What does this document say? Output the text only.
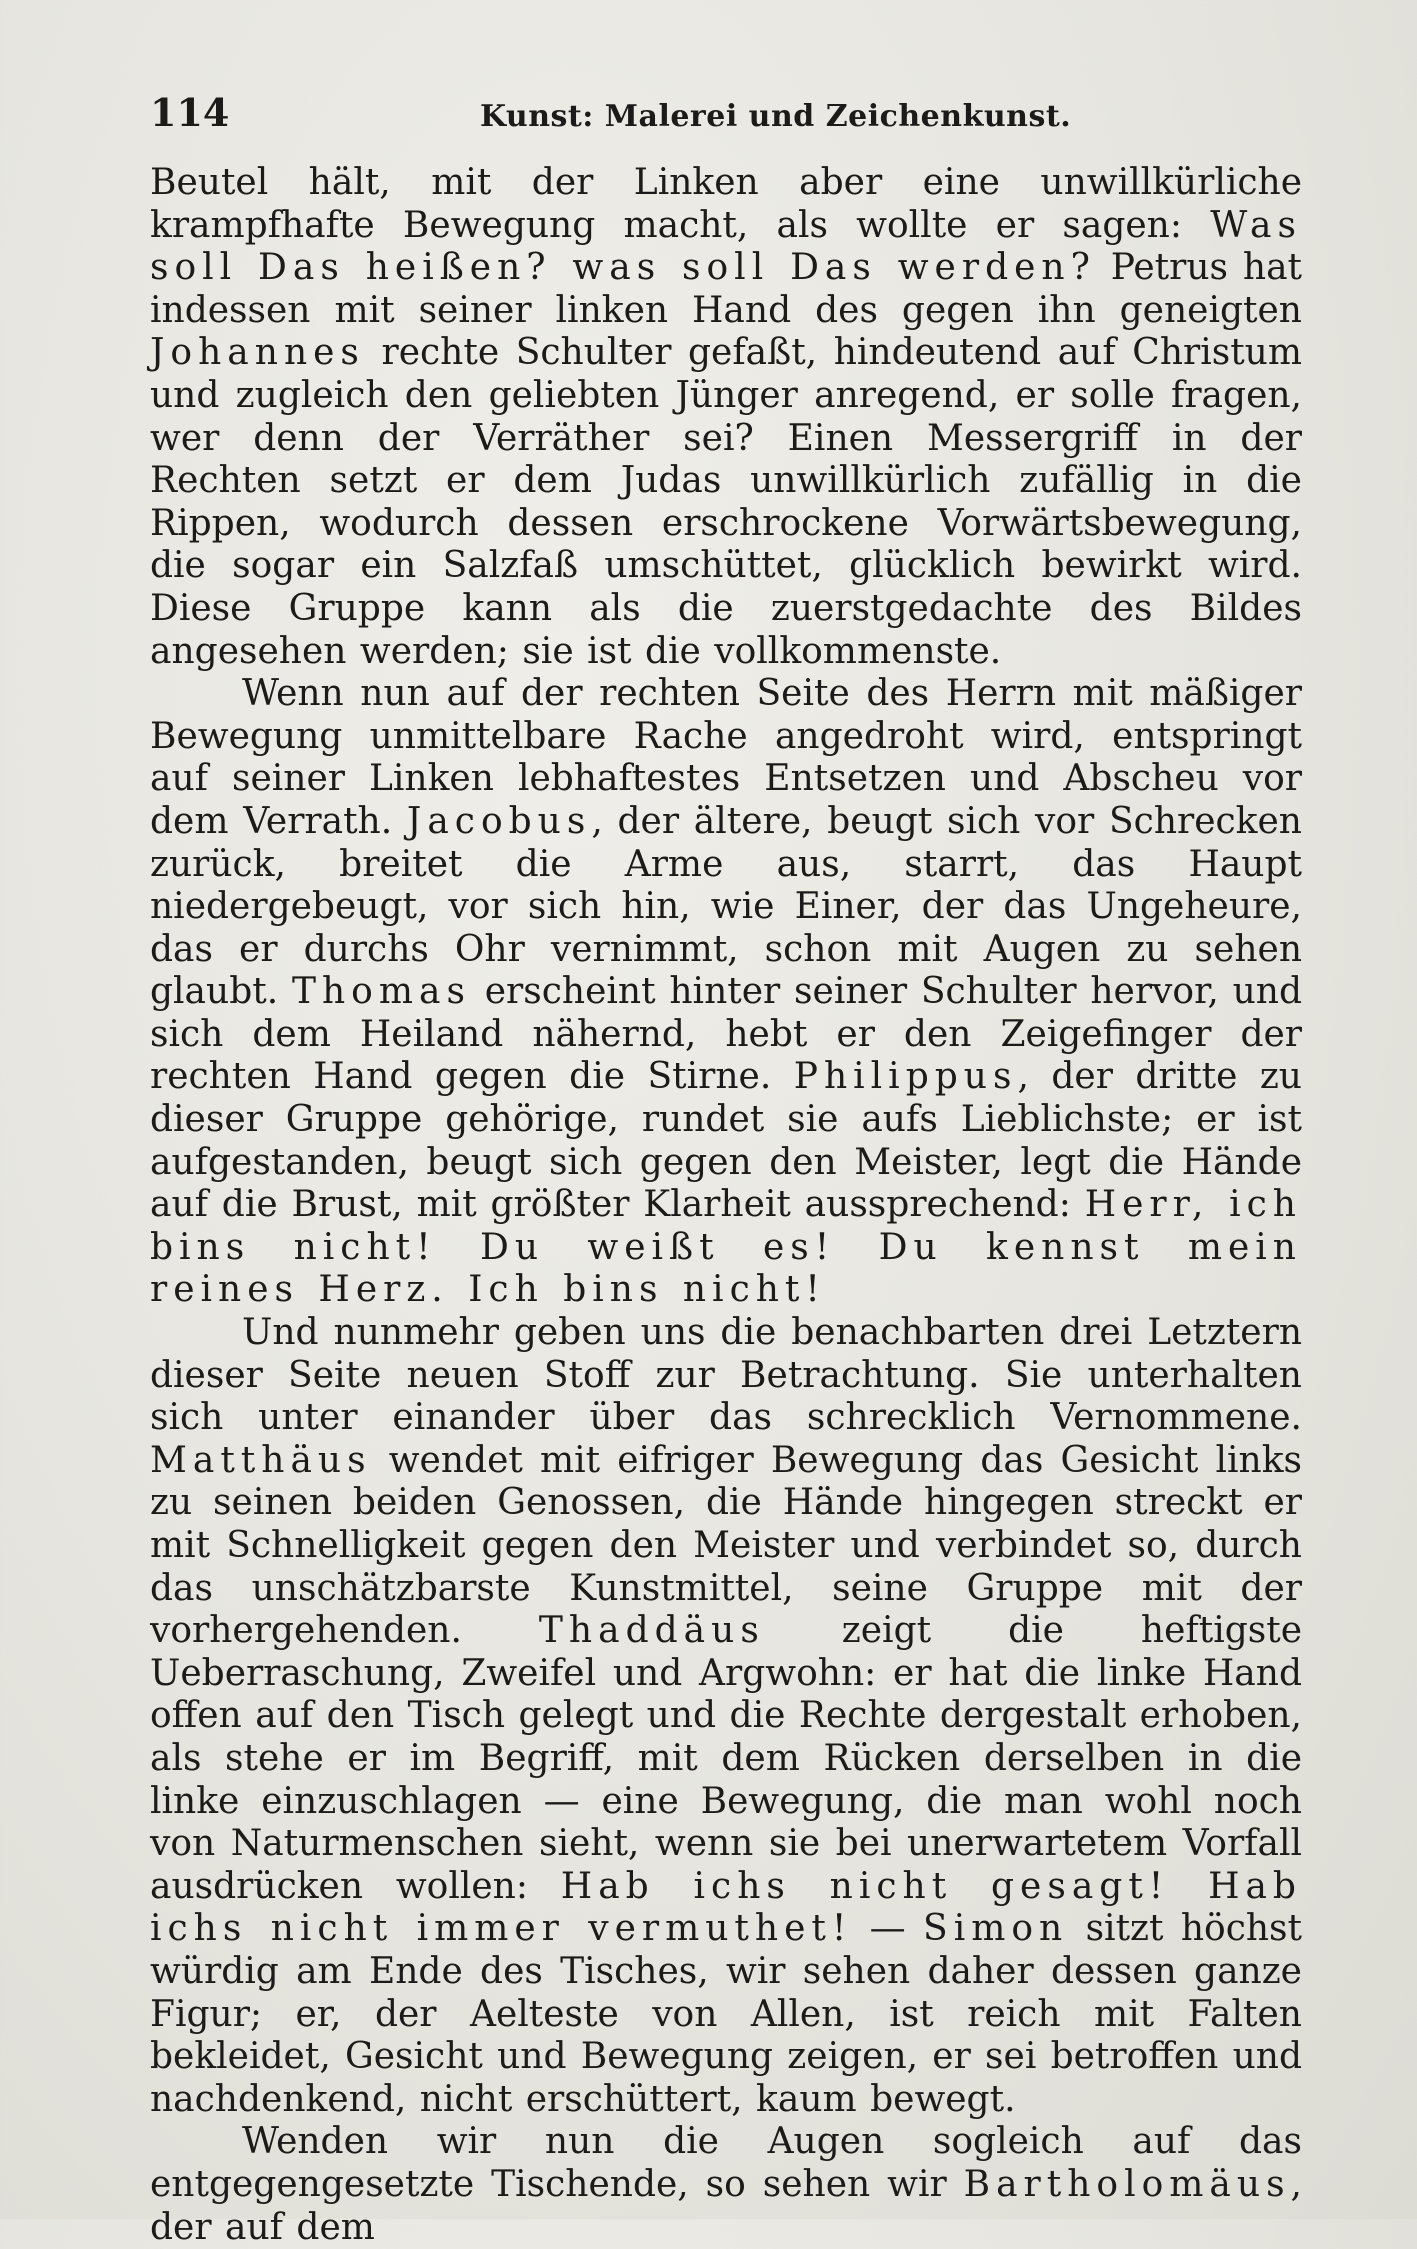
114	Kunst: Malerei und Zeichenkunst.

Beutel hält, mit der Linken aber eine unwillkürliche krampfhafte Bewegung macht, als wollte er sagen: Was soll Das heißen? was soll Das werden? Petrus hat indessen mit seiner linken Hand des gegen ihn geneigten Johannes rechte Schulter gefaßt, hindeutend auf Christum und zugleich den geliebten Jünger anregend, er solle fragen, wer denn der Verräther sei? Einen Messergriff in der Rechten setzt er dem Judas unwillkürlich zufällig in die Rippen, wodurch dessen erschrockene Vorwärtsbewegung, die sogar ein Salzfaß umschüttet, glücklich bewirkt wird. Diese Gruppe kann als die zuerstgedachte des Bildes angesehen werden; sie ist die vollkommenste.

Wenn nun auf der rechten Seite des Herrn mit mäßiger Bewegung unmittelbare Rache angedroht wird, entspringt auf seiner Linken lebhaftestes Entsetzen und Abscheu vor dem Verrath. Jacobus, der ältere, beugt sich vor Schrecken zurück, breitet die Arme aus, starrt, das Haupt niedergebeugt, vor sich hin, wie Einer, der das Ungeheure, das er durchs Ohr vernimmt, schon mit Augen zu sehen glaubt. Thomas erscheint hinter seiner Schulter hervor, und sich dem Heiland nähernd, hebt er den Zeigefinger der rechten Hand gegen die Stirne. Philippus, der dritte zu dieser Gruppe gehörige, rundet sie aufs Lieblichste; er ist aufgestanden, beugt sich gegen den Meister, legt die Hände auf die Brust, mit größter Klarheit aussprechend: Herr, ich bins nicht! Du weißt es! Du kennst mein reines Herz. Ich bins nicht!

Und nunmehr geben uns die benachbarten drei Letztern dieser Seite neuen Stoff zur Betrachtung. Sie unterhalten sich unter einander über das schrecklich Vernommene. Matthäus wendet mit eifriger Bewegung das Gesicht links zu seinen beiden Genossen, die Hände hingegen streckt er mit Schnelligkeit gegen den Meister und verbindet so, durch das unschätzbarste Kunstmittel, seine Gruppe mit der vorhergehenden. Thaddäus zeigt die heftigste Ueberraschung, Zweifel und Argwohn: er hat die linke Hand offen auf den Tisch gelegt und die Rechte dergestalt erhoben, als stehe er im Begriff, mit dem Rücken derselben in die linke einzuschlagen — eine Bewegung, die man wohl noch von Naturmenschen sieht, wenn sie bei unerwartetem Vorfall ausdrücken wollen: Hab ichs nicht gesagt! Hab ichs nicht immer vermuthet! — Simon sitzt höchst würdig am Ende des Tisches, wir sehen daher dessen ganze Figur; er, der Aelteste von Allen, ist reich mit Falten bekleidet, Gesicht und Bewegung zeigen, er sei betroffen und nachdenkend, nicht erschüttert, kaum bewegt.

Wenden wir nun die Augen sogleich auf das entgegengesetzte Tischende, so sehen wir Bartholomäus, der auf dem
